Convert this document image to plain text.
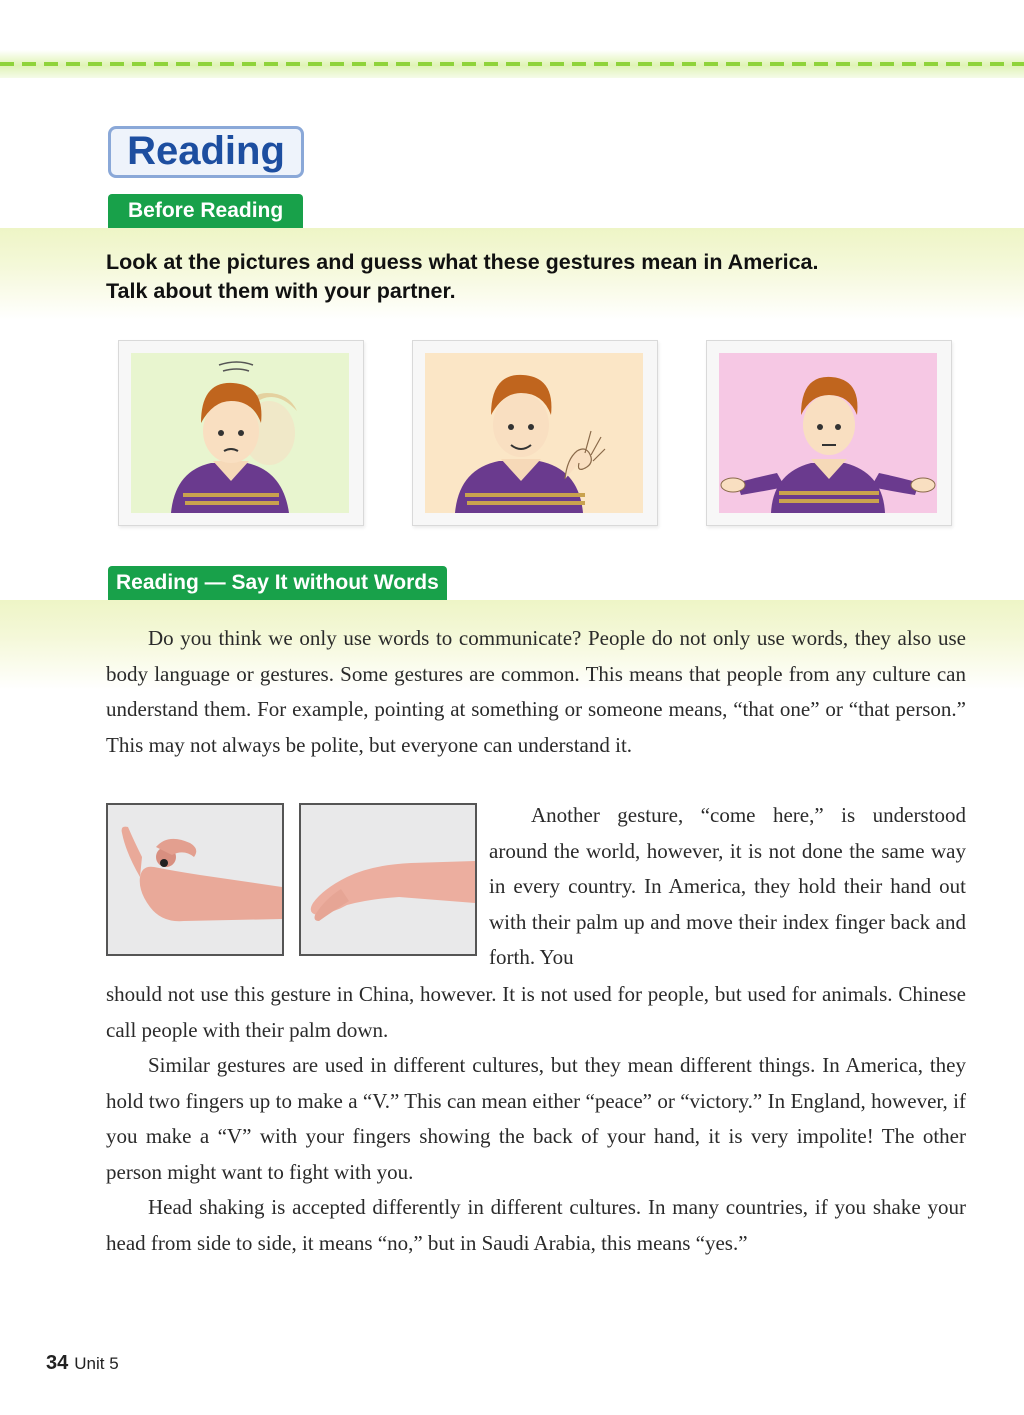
Reading
Before Reading
Look at the pictures and guess what these gestures mean in America.
Talk about them with your partner.
Reading — Say It without Words

Do you think we only use words to communicate? People do not only use words, they also use body language or gestures. Some gestures are common. This means that people from any culture can understand them. For example, pointing at something or someone means, “that one” or “that person.” This may not always be polite, but everyone can understand it.

Another gesture, “come here,” is understood around the world, however, it is not done the same way in every country. In America, they hold their hand out with their palm up and move their index finger back and forth. You

should not use this gesture in China, however. It is not used for people, but used for animals. Chinese call people with their palm down.

Similar gestures are used in different cultures, but they mean different things. In America, they hold two fingers up to make a “V.” This can mean either “peace” or “victory.” In England, however, if you make a “V” with your fingers showing the back of your hand, it is very impolite! The other person might want to fight with you.

Head shaking is accepted differently in different cultures. In many countries, if you shake your head from side to side, it means “no,” but in Saudi Arabia, this means “yes.”

34 Unit 5
